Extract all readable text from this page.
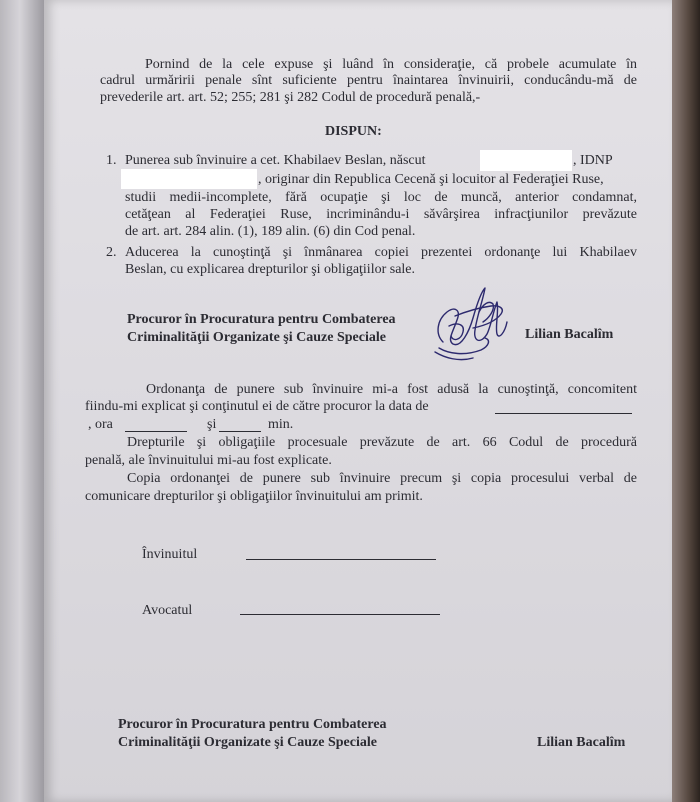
Pornind de la cele expuse şi luând în consideraţie, că probele acumulate în
cadrul urmăririi penale sînt suficiente pentru înaintarea învinuirii, conducându-mă de
prevederile art. art. 52; 255; 281 şi 282 Codul de procedură penală,-
DISPUN:
1. Punerea sub învinuire a cet. Khabilaev Beslan, născut	, IDNP
, originar din Republica Cecenă şi locuitor al Federaţiei Ruse,
studii medii-incomplete, fără ocupaţie şi loc de muncă, anterior condamnat,
cetăţean al Federaţiei Ruse, incriminându-i săvârşirea infracţiunilor prevăzute
de art. art. 284 alin. (1), 189 alin. (6) din Cod penal.
2. Aducerea la cunoştinţă şi înmânarea copiei prezentei ordonanţe lui Khabilaev
Beslan, cu explicarea drepturilor şi obligaţiilor sale.
Procuror în Procuratura pentru Combaterea
Criminalităţii Organizate şi Cauze Speciale	Lilian Bacalîm
Ordonanţa de punere sub învinuire mi-a fost adusă la cunoştinţă, concomitent
fiindu-mi explicat şi conţinutul ei de către procuror la data de
, ora	şi	min.
Drepturile şi obligaţiile procesuale prevăzute de art. 66 Codul de procedură
penală, ale învinuitului mi-au fost explicate.
Copia ordonanţei de punere sub învinuire precum şi copia procesului verbal de
comunicare drepturilor şi obligaţiilor învinuitului am primit.
Învinuitul
Avocatul
Procuror în Procuratura pentru Combaterea
Criminalităţii Organizate şi Cauze Speciale	Lilian Bacalîm
